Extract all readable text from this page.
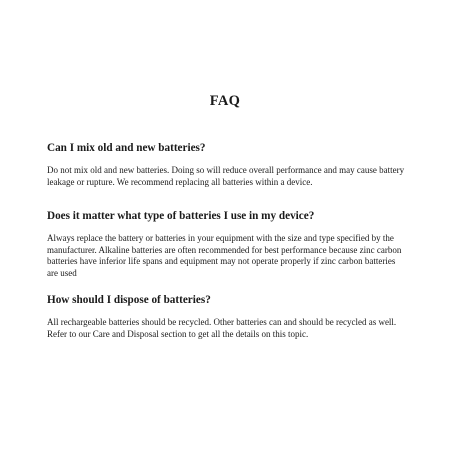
FAQ
Can I mix old and new batteries?

Do not mix old and new batteries. Doing so will reduce overall performance and may cause battery leakage or rupture. We recommend replacing all batteries within a device.

Does it matter what type of batteries I use in my device?

Always replace the battery or batteries in your equipment with the size and type specified by the manufacturer. Alkaline batteries are often recommended for best performance because zinc carbon batteries have inferior life spans and equipment may not operate properly if zinc carbon batteries are used

How should I dispose of batteries?

All rechargeable batteries should be recycled. Other batteries can and should be recycled as well. Refer to our Care and Disposal section to get all the details on this topic.
